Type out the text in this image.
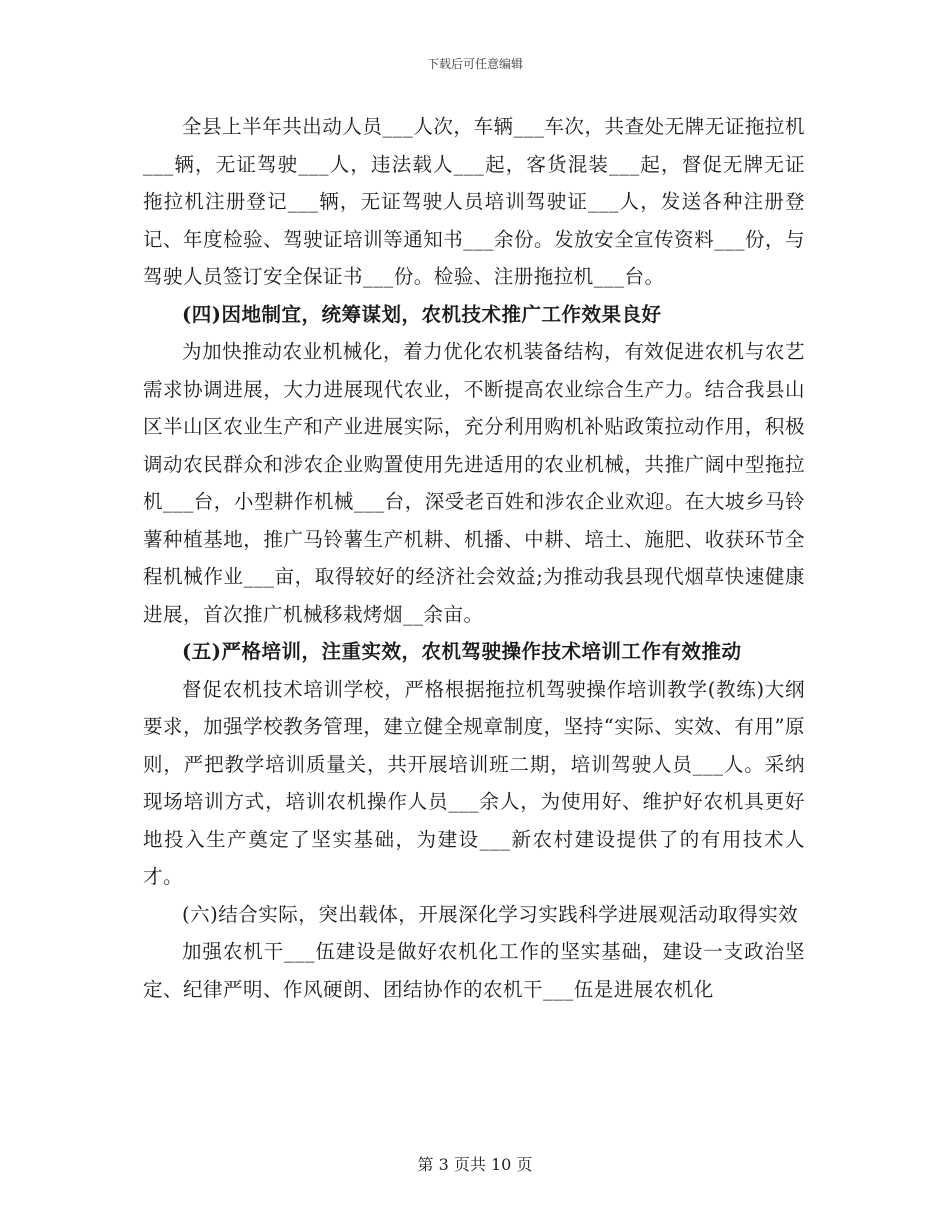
下载后可任意编辑

全县上半年共出动人员___人次，车辆___车次，共查处无牌无证拖拉机___辆，无证驾驶___人，违法载人___起，客货混装___起，督促无牌无证拖拉机注册登记___辆，无证驾驶人员培训驾驶证___人，发送各种注册登记、年度检验、驾驶证培训等通知书___余份。发放安全宣传资料___份，与驾驶人员签订安全保证书___份。检验、注册拖拉机___台。

(四)因地制宜，统筹谋划，农机技术推广工作效果良好

为加快推动农业机械化，着力优化农机装备结构，有效促进农机与农艺需求协调进展，大力进展现代农业，不断提高农业综合生产力。结合我县山区半山区农业生产和产业进展实际，充分利用购机补贴政策拉动作用，积极调动农民群众和涉农企业购置使用先进适用的农业机械，共推广阔中型拖拉机___台，小型耕作机械___台，深受老百姓和涉农企业欢迎。在大坡乡马铃薯种植基地，推广马铃薯生产机耕、机播、中耕、培土、施肥、收获环节全程机械作业___亩，取得较好的经济社会效益;为推动我县现代烟草快速健康进展，首次推广机械移栽烤烟__余亩。

(五)严格培训，注重实效，农机驾驶操作技术培训工作有效推动

督促农机技术培训学校，严格根据拖拉机驾驶操作培训教学(教练)大纲要求，加强学校教务管理，建立健全规章制度，坚持“实际、实效、有用”原则，严把教学培训质量关，共开展培训班二期，培训驾驶人员___人。采纳现场培训方式，培训农机操作人员___余人，为使用好、维护好农机具更好地投入生产奠定了坚实基础，为建设___新农村建设提供了的有用技术人才。

(六)结合实际，突出载体，开展深化学习实践科学进展观活动取得实效

加强农机干___伍建设是做好农机化工作的坚实基础，建设一支政治坚定、纪律严明、作风硬朗、团结协作的农机干___伍是进展农机化

第 3 页共 10 页
